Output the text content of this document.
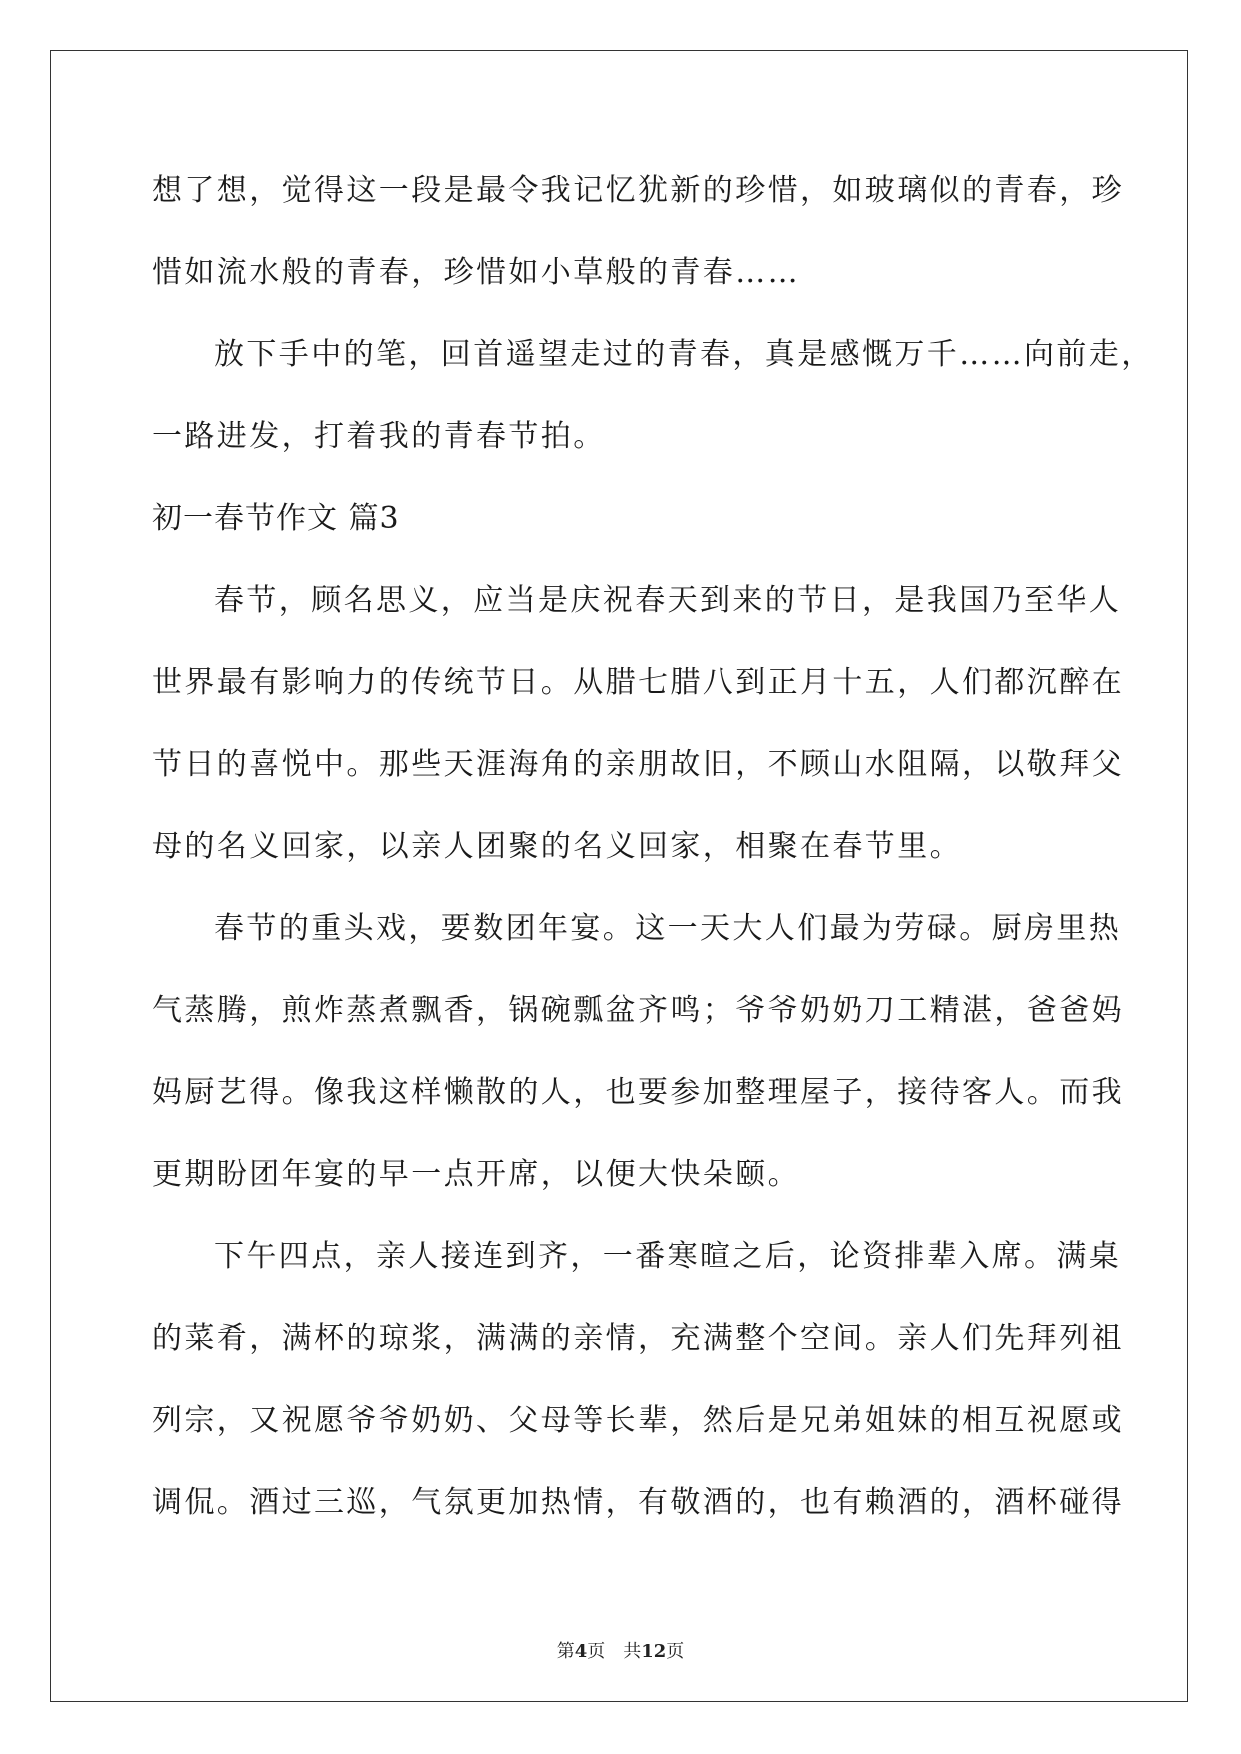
想了想，觉得这一段是最令我记忆犹新的珍惜，如玻璃似的青春，珍
惜如流水般的青春，珍惜如小草般的青春……
放下手中的笔，回首遥望走过的青春，真是感慨万千……向前走，
一路进发，打着我的青春节拍。
初一春节作文 篇3
春节，顾名思义，应当是庆祝春天到来的节日，是我国乃至华人
世界最有影响力的传统节日。从腊七腊八到正月十五，人们都沉醉在
节日的喜悦中。那些天涯海角的亲朋故旧，不顾山水阻隔，以敬拜父
母的名义回家，以亲人团聚的名义回家，相聚在春节里。
春节的重头戏，要数团年宴。这一天大人们最为劳碌。厨房里热
气蒸腾，煎炸蒸煮飘香，锅碗瓢盆齐鸣；爷爷奶奶刀工精湛，爸爸妈
妈厨艺得。像我这样懒散的人，也要参加整理屋子，接待客人。而我
更期盼团年宴的早一点开席，以便大快朵颐。
下午四点，亲人接连到齐，一番寒暄之后，论资排辈入席。满桌
的菜肴，满杯的琼浆，满满的亲情，充满整个空间。亲人们先拜列祖
列宗，又祝愿爷爷奶奶、父母等长辈，然后是兄弟姐妹的相互祝愿或
调侃。酒过三巡，气氛更加热情，有敬酒的，也有赖酒的，酒杯碰得
第4页 共12页
